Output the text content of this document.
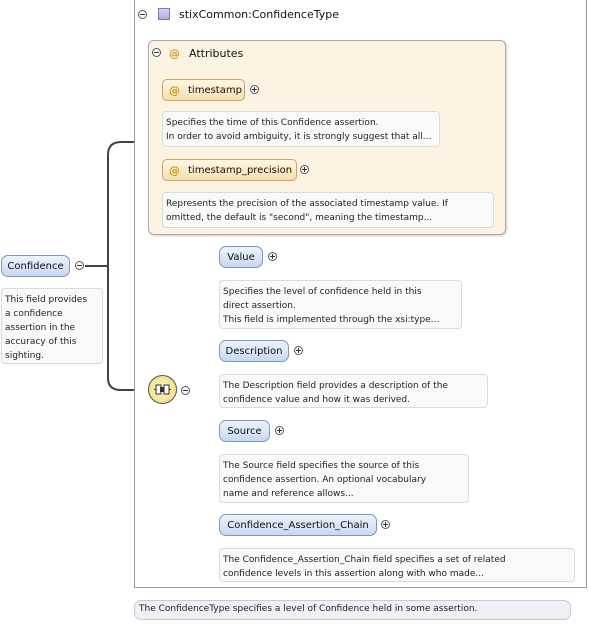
stixCommon:ConfidenceType
Confidence
This field provides
a confidence
assertion in the
accuracy of this
sighting.
@ Attributes
@ timestamp
Specifies the time of this Confidence assertion.
In order to avoid ambiguity, it is strongly suggest that all...
@ timestamp_precision
Represents the precision of the associated timestamp value. If
omitted, the default is "second", meaning the timestamp...
Value
Specifies the level of confidence held in this
direct assertion.
This field is implemented through the xsi:type...
Description
The Description field provides a description of the
confidence value and how it was derived.
Source
The Source field specifies the source of this
confidence assertion. An optional vocabulary
name and reference allows...
Confidence_Assertion_Chain
The Confidence_Assertion_Chain field specifies a set of related
confidence levels in this assertion along with who made...
The ConfidenceType specifies a level of Confidence held in some assertion.
